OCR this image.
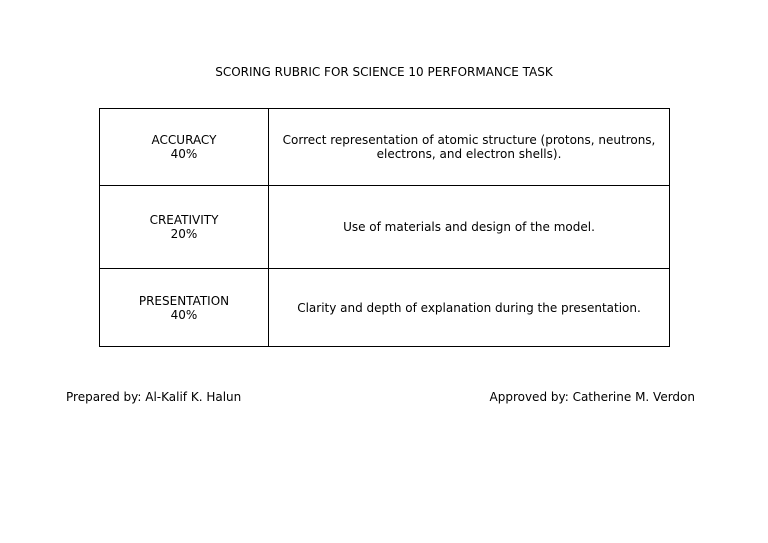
SCORING RUBRIC FOR SCIENCE 10 PERFORMANCE TASK
ACCURACY
40%	Correct representation of atomic structure (protons, neutrons, electrons, and electron shells).

CREATIVITY
20%	Use of materials and design of the model.

PRESENTATION
40%	Clarity and depth of explanation during the presentation.
Prepared by: Al-Kalif K. Halun	Approved by: Catherine M. Verdon
